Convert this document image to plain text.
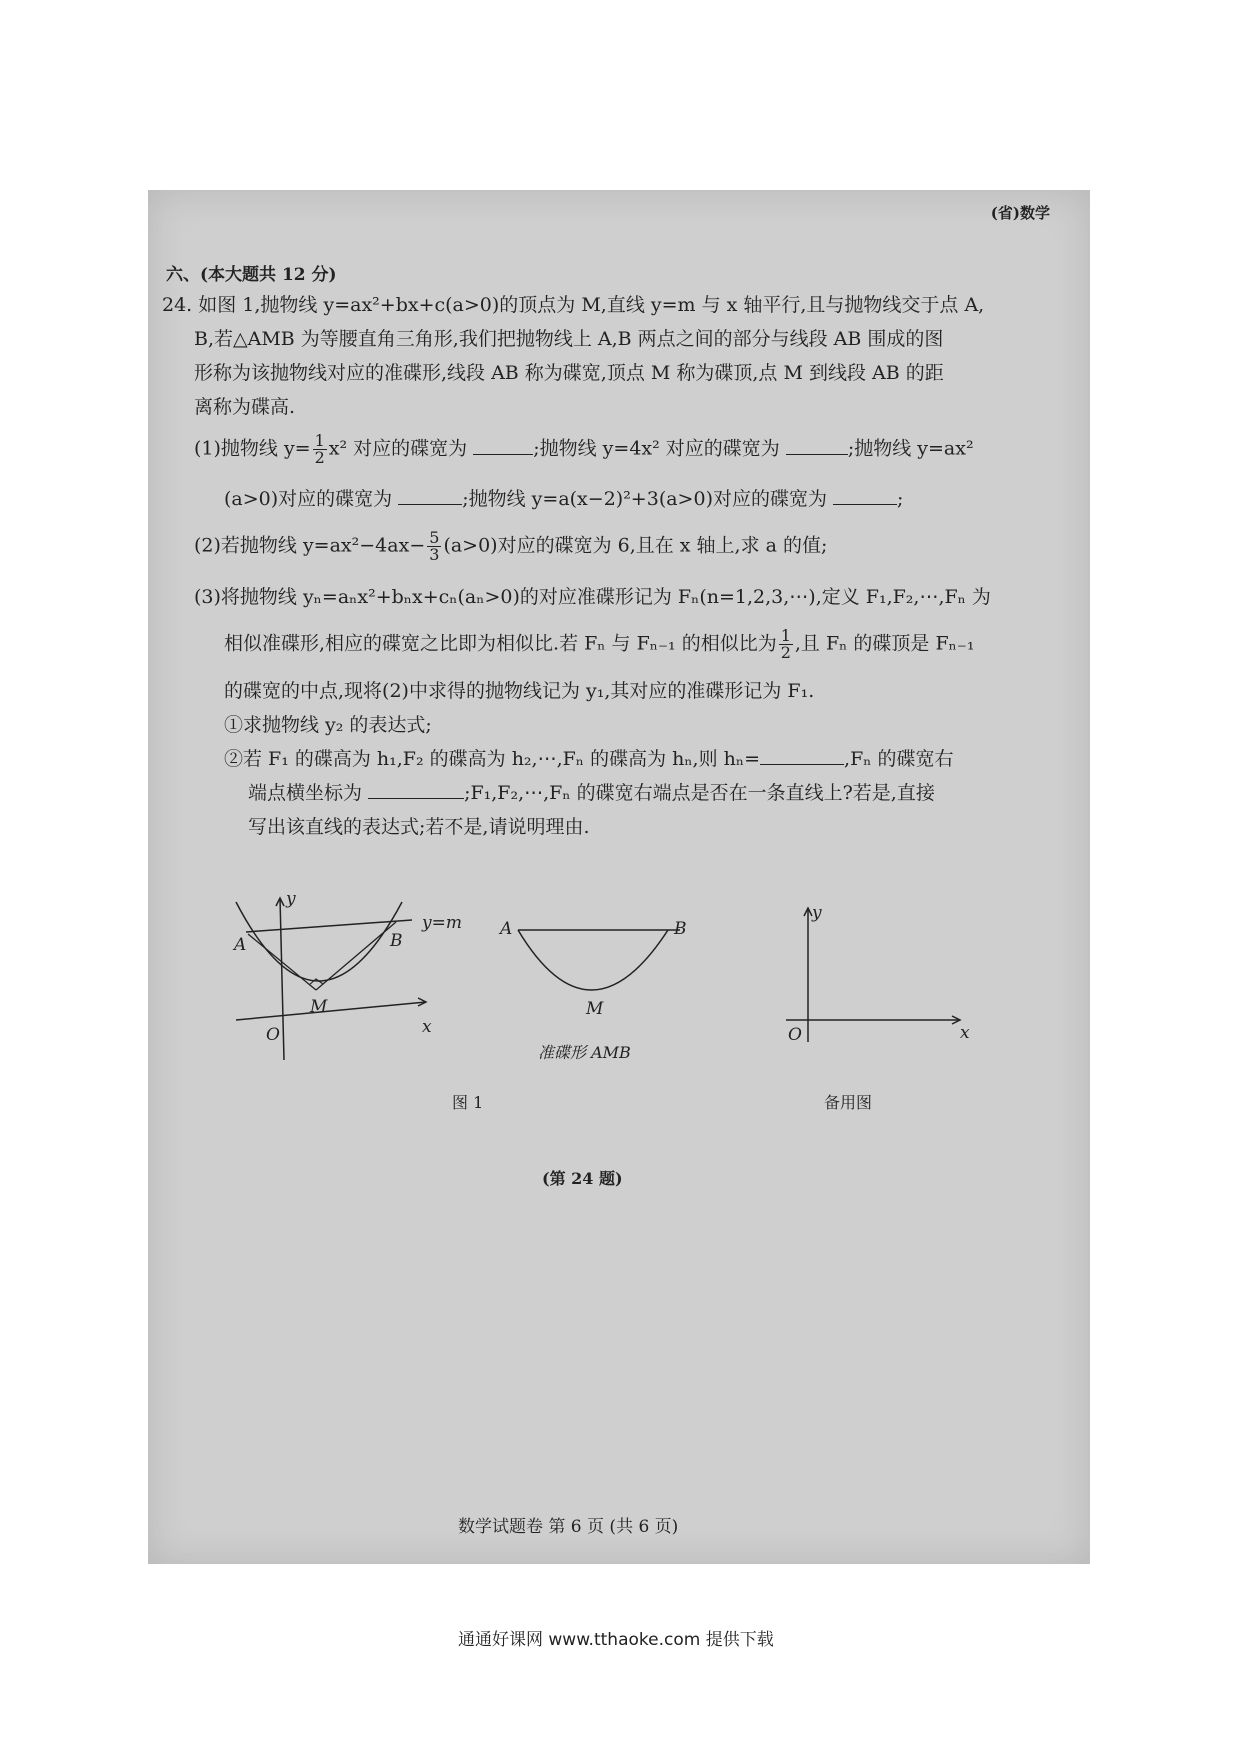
(省)数学
六、(本大题共 12 分)
24. 如图 1,抛物线 y=ax²+bx+c(a>0)的顶点为 M,直线 y=m 与 x 轴平行,且与抛物线交于点 A,
B,若△AMB 为等腰直角三角形,我们把抛物线上 A,B 两点之间的部分与线段 AB 围成的图
形称为该抛物线对应的准碟形,线段 AB 称为碟宽,顶点 M 称为碟顶,点 M 到线段 AB 的距
离称为碟高.
(1)抛物线 $y= \frac{1}{2} x^2$ 对应的碟宽为	;抛物线 y=4x² 对应的碟宽为	;抛物线 y=ax²
(a>0)对应的碟宽为	;抛物线 y=a(x−2)²+3(a>0)对应的碟宽为	;
(2)若抛物线 $y=ax^2-4ax- \frac{5}{3} (a>0)$对应的碟宽为 6,且在 x 轴上,求 a 的值;
(3)将抛物线 yₙ=aₙx²+bₙx+cₙ(aₙ>0)的对应准碟形记为 Fₙ(n=1,2,3,⋯),定义 F₁,F₂,⋯,Fₙ 为
相似准碟形,相应的碟宽之比即为相似比.若 Fₙ 与 Fₙ₋₁ 的相似比为 $\frac{1}{2}$ ,且 Fₙ 的碟顶是 Fₙ₋₁
的碟宽的中点,现将(2)中求得的抛物线记为 y₁,其对应的准碟形记为 F₁.
①求抛物线 y₂ 的表达式;
②若 F₁ 的碟高为 h₁,F₂ 的碟高为 h₂,⋯,Fₙ 的碟高为 hₙ,则 hₙ=	,Fₙ 的碟宽右
端点横坐标为	;F₁,F₂,⋯,Fₙ 的碟宽右端点是否在一条直线上?若是,直接
写出该直线的表达式;若不是,请说明理由.
y
y=m
A	B
M
O	x
图 1
A	B
M
准碟形 AMB
y
O	x
备用图
(第 24 题)
数学试题卷 第 6 页 (共 6 页)
通通好课网 www.tthaoke.com 提供下载
